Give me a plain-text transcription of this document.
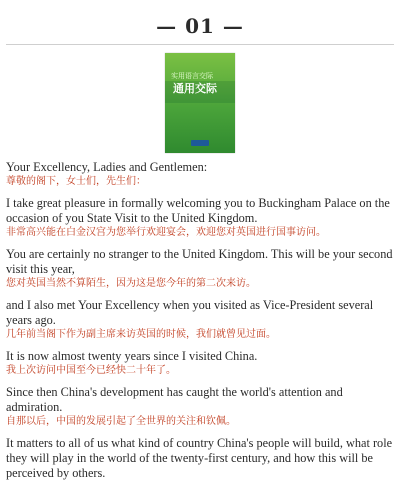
— 01 —
实用语言交际
通用交际
Your Excellency, Ladies and Gentlemen:
尊敬的阁下，女士们，先生们：
I take great pleasure in formally welcoming you to Buckingham Palace on the occasion of you State Visit to the United Kingdom.
非常高兴能在白金汉宫为您举行欢迎宴会，欢迎您对英国进行国事访问。
You are certainly no stranger to the United Kingdom. This will be your second visit this year,
您对英国当然不算陌生，因为这是您今年的第二次来访。
and I also met Your Excellency when you visited as Vice-President several years ago.
几年前当阁下作为副主席来访英国的时候，我们就曾见过面。
It is now almost twenty years since I visited China.
我上次访问中国至今已经快二十年了。
Since then China's development has caught the world's attention and admiration.
自那以后，中国的发展引起了全世界的关注和钦佩。
It matters to all of us what kind of country China's people will build, what role they will play in the world of the twenty-first century, and how this will be perceived by others.
